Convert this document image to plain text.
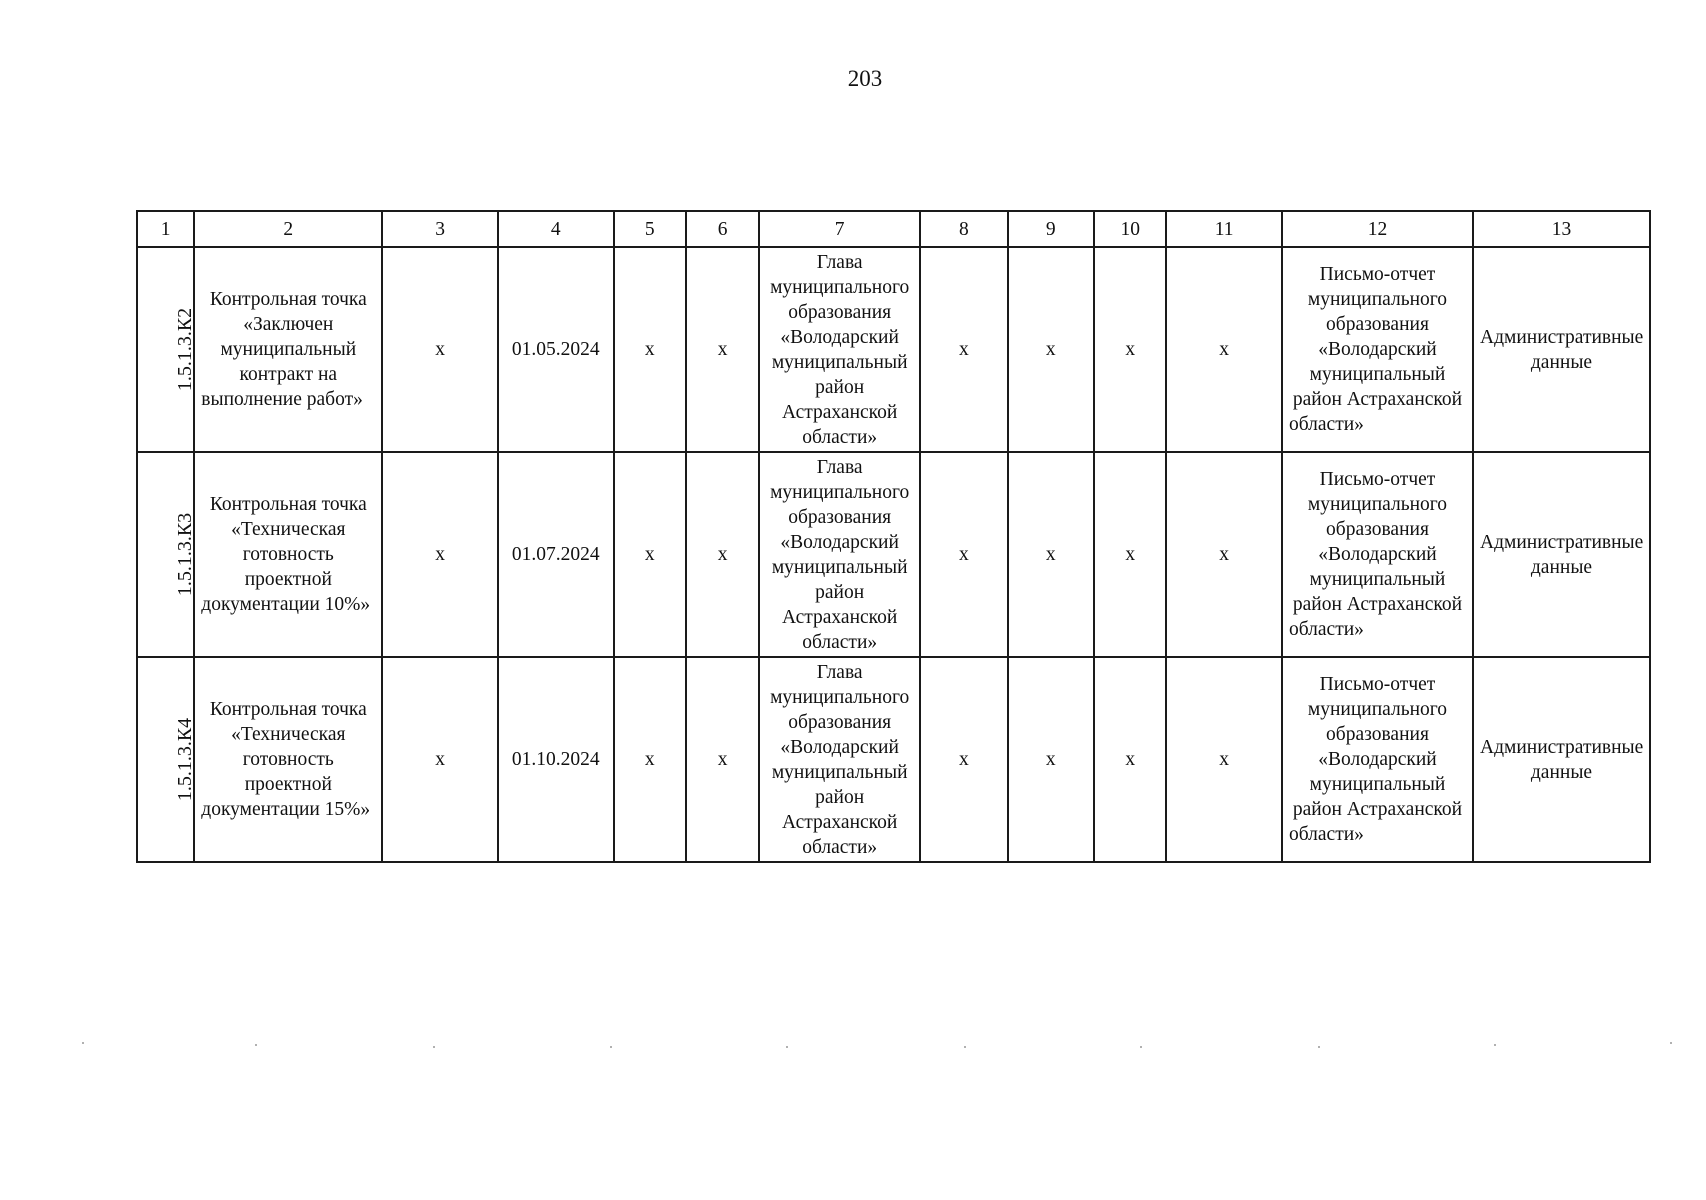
203
1	2	3	4	5	6	7	8	9	10	11	12	13
1.5.1.3.К2	Контрольная точка «Заключен муниципальный контракт на выполнение работ»	x	01.05.2024	x	x	Глава муниципального образования «Володарский муниципальный район Астраханской области»	x	x	x	x	Письмо-отчет муниципального образования «Володарский муниципальный район Астраханской области»	Административные данные
1.5.1.3.К3	Контрольная точка «Техническая готовность проектной документации 10%»	x	01.07.2024	x	x	Глава муниципального образования «Володарский муниципальный район Астраханской области»	x	x	x	x	Письмо-отчет муниципального образования «Володарский муниципальный район Астраханской области»	Административные данные
1.5.1.3.К4	Контрольная точка «Техническая готовность проектной документации 15%»	x	01.10.2024	x	x	Глава муниципального образования «Володарский муниципальный район Астраханской области»	x	x	x	x	Письмо-отчет муниципального образования «Володарский муниципальный район Астраханской области»	Административные данные
